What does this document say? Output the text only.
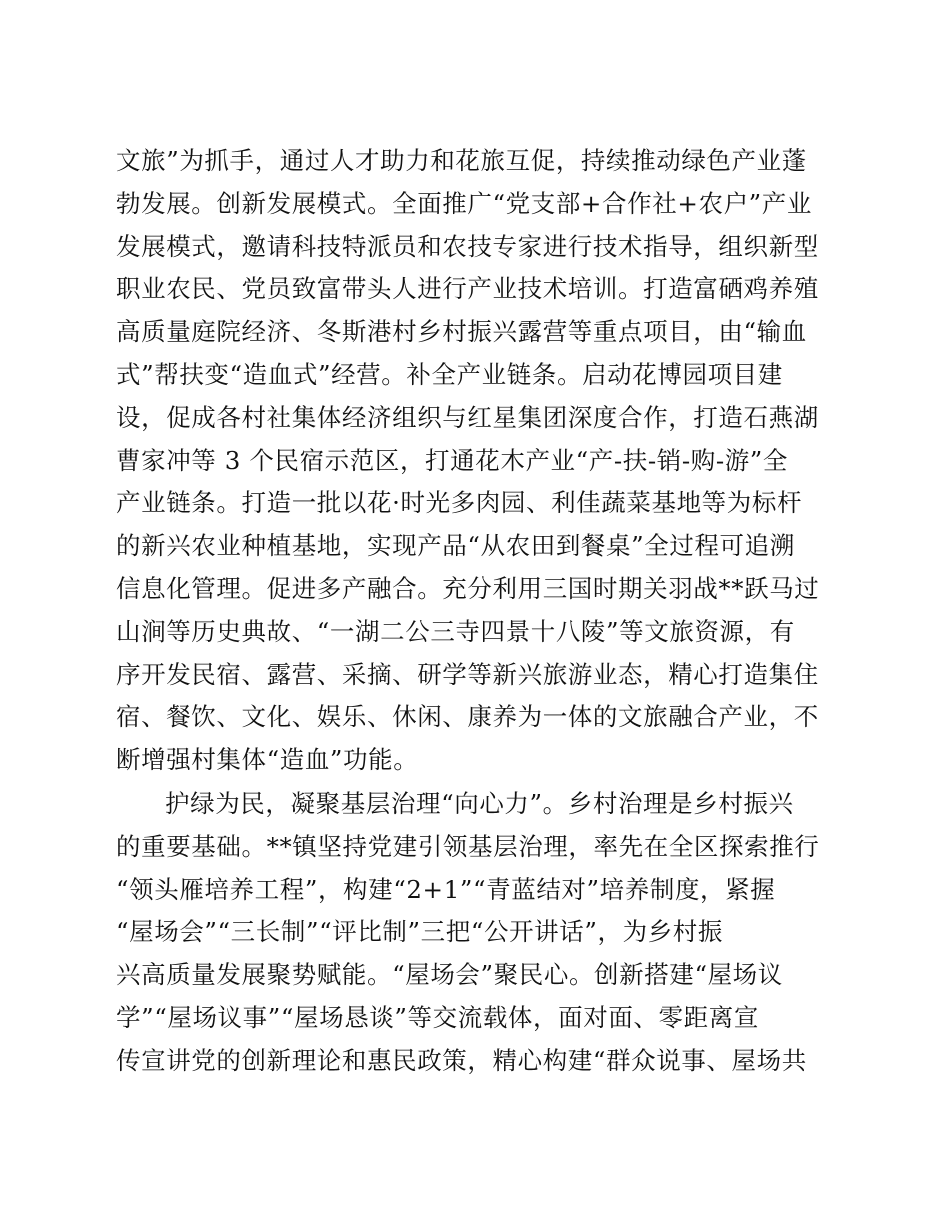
文旅”为抓手，通过人才助力和花旅互促，持续推动绿色产业蓬
勃发展。创新发展模式。全面推广“党支部+合作社+农户”产业
发展模式，邀请科技特派员和农技专家进行技术指导，组织新型
职业农民、党员致富带头人进行产业技术培训。打造富硒鸡养殖
高质量庭院经济、冬斯港村乡村振兴露营等重点项目，由“输血
式”帮扶变“造血式”经营。补全产业链条。启动花博园项目建
设，促成各村社集体经济组织与红星集团深度合作，打造石燕湖
曹家冲等 3 个民宿示范区，打通花木产业“产-扶-销-购-游”全
产业链条。打造一批以花·时光多肉园、利佳蔬菜基地等为标杆
的新兴农业种植基地，实现产品“从农田到餐桌”全过程可追溯
信息化管理。促进多产融合。充分利用三国时期关羽战**跃马过
山涧等历史典故、“一湖二公三寺四景十八陵”等文旅资源，有
序开发民宿、露营、采摘、研学等新兴旅游业态，精心打造集住
宿、餐饮、文化、娱乐、休闲、康养为一体的文旅融合产业，不
断增强村集体“造血”功能。
护绿为民，凝聚基层治理“向心力”。乡村治理是乡村振兴
的重要基础。**镇坚持党建引领基层治理，率先在全区探索推行
“领头雁培养工程”，构建“2+1”“青蓝结对”培养制度，紧握
“屋场会”“三长制”“评比制”三把“公开讲话”，为乡村振
兴高质量发展聚势赋能。“屋场会”聚民心。创新搭建“屋场议
学”“屋场议事”“屋场恳谈”等交流载体，面对面、零距离宣
传宣讲党的创新理论和惠民政策，精心构建“群众说事、屋场共
